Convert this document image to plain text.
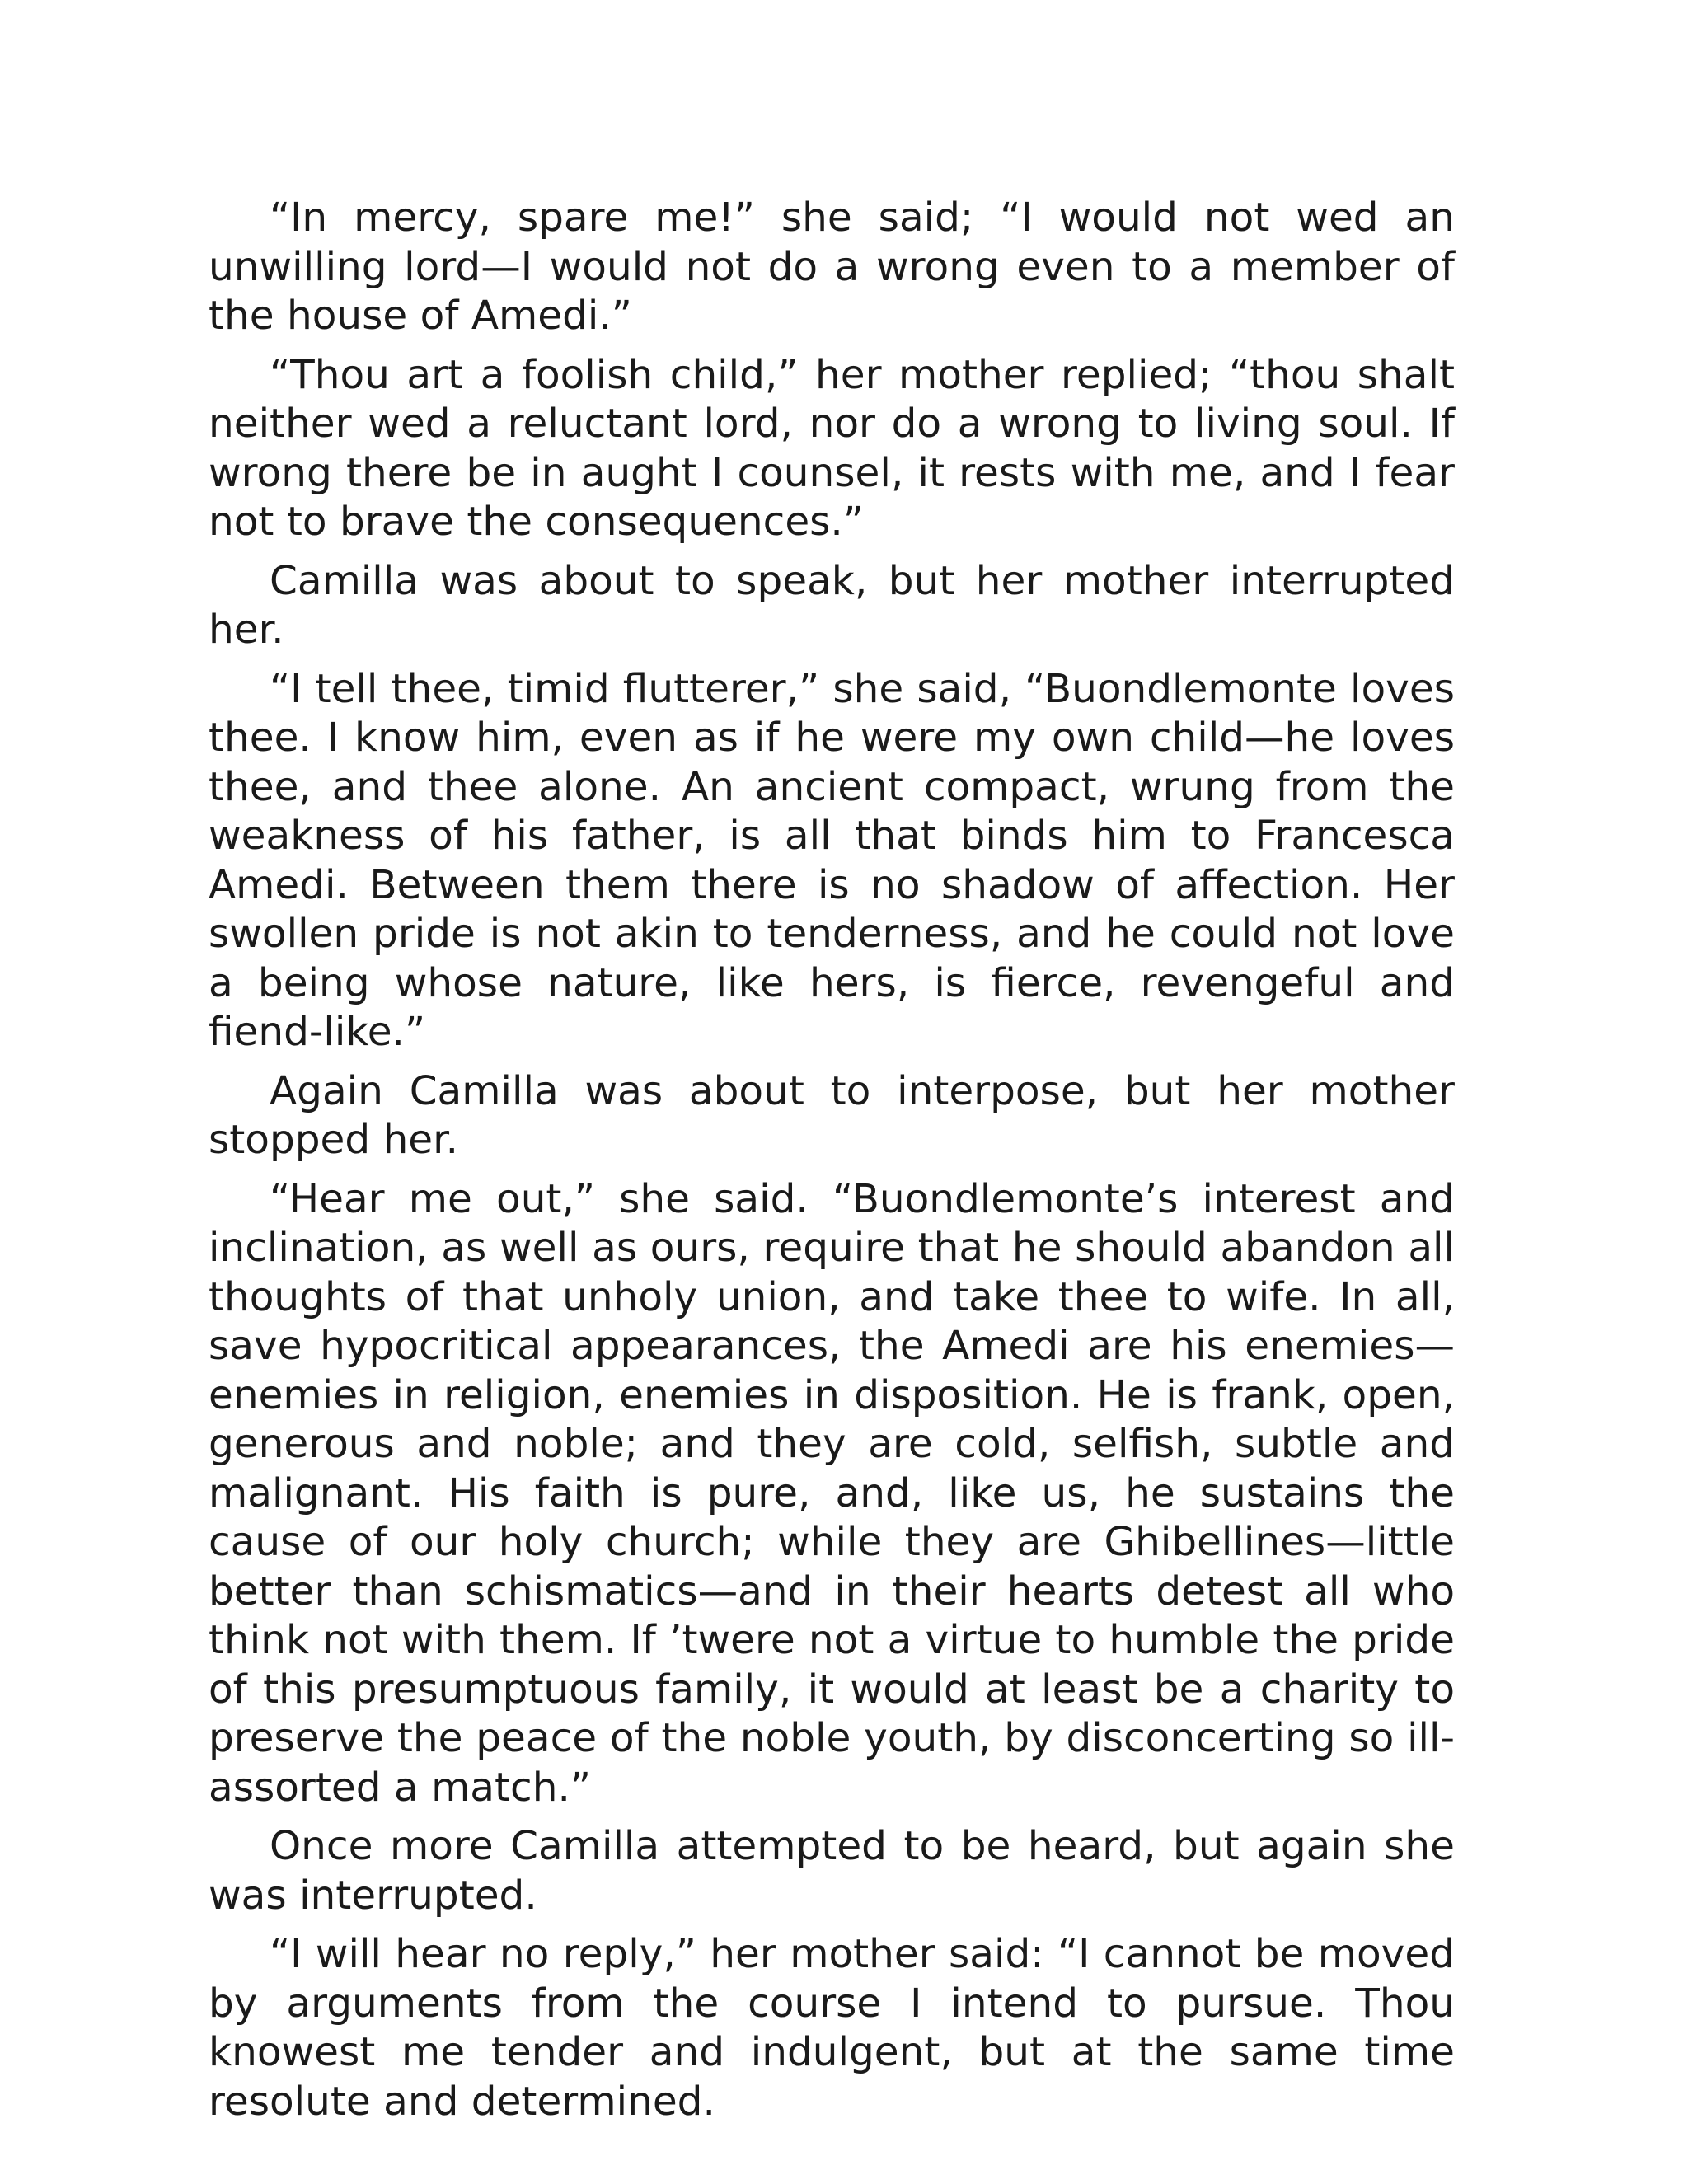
“In mercy, spare me!” she said; “I would not wed an unwilling lord—I would not do a wrong even to a member of the house of Amedi.”

“Thou art a foolish child,” her mother replied; “thou shalt neither wed a reluctant lord, nor do a wrong to living soul. If wrong there be in aught I counsel, it rests with me, and I fear not to brave the consequences.”

Camilla was about to speak, but her mother interrupted her.

“I tell thee, timid flutterer,” she said, “Buondlemonte loves thee. I know him, even as if he were my own child—he loves thee, and thee alone. An ancient compact, wrung from the weakness of his father, is all that binds him to Francesca Amedi. Between them there is no shadow of affection. Her swollen pride is not akin to tenderness, and he could not love a being whose nature, like hers, is fierce, revengeful and fiend-like.”

Again Camilla was about to interpose, but her mother stopped her.

“Hear me out,” she said. “Buondlemonte’s interest and inclination, as well as ours, require that he should abandon all thoughts of that unholy union, and take thee to wife. In all, save hypocritical appearances, the Amedi are his enemies—enemies in religion, enemies in disposition. He is frank, open, generous and noble; and they are cold, selfish, subtle and malignant. His faith is pure, and, like us, he sustains the cause of our holy church; while they are Ghibellines—little better than schismatics—and in their hearts detest all who think not with them. If ’twere not a virtue to humble the pride of this presumptuous family, it would at least be a charity to preserve the peace of the noble youth, by disconcerting so ill-assorted a match.”

Once more Camilla attempted to be heard, but again she was interrupted.

“I will hear no reply,” her mother said: “I cannot be moved by arguments from the course I intend to pursue. Thou knowest me tender and indulgent, but at the same time resolute and determined.
